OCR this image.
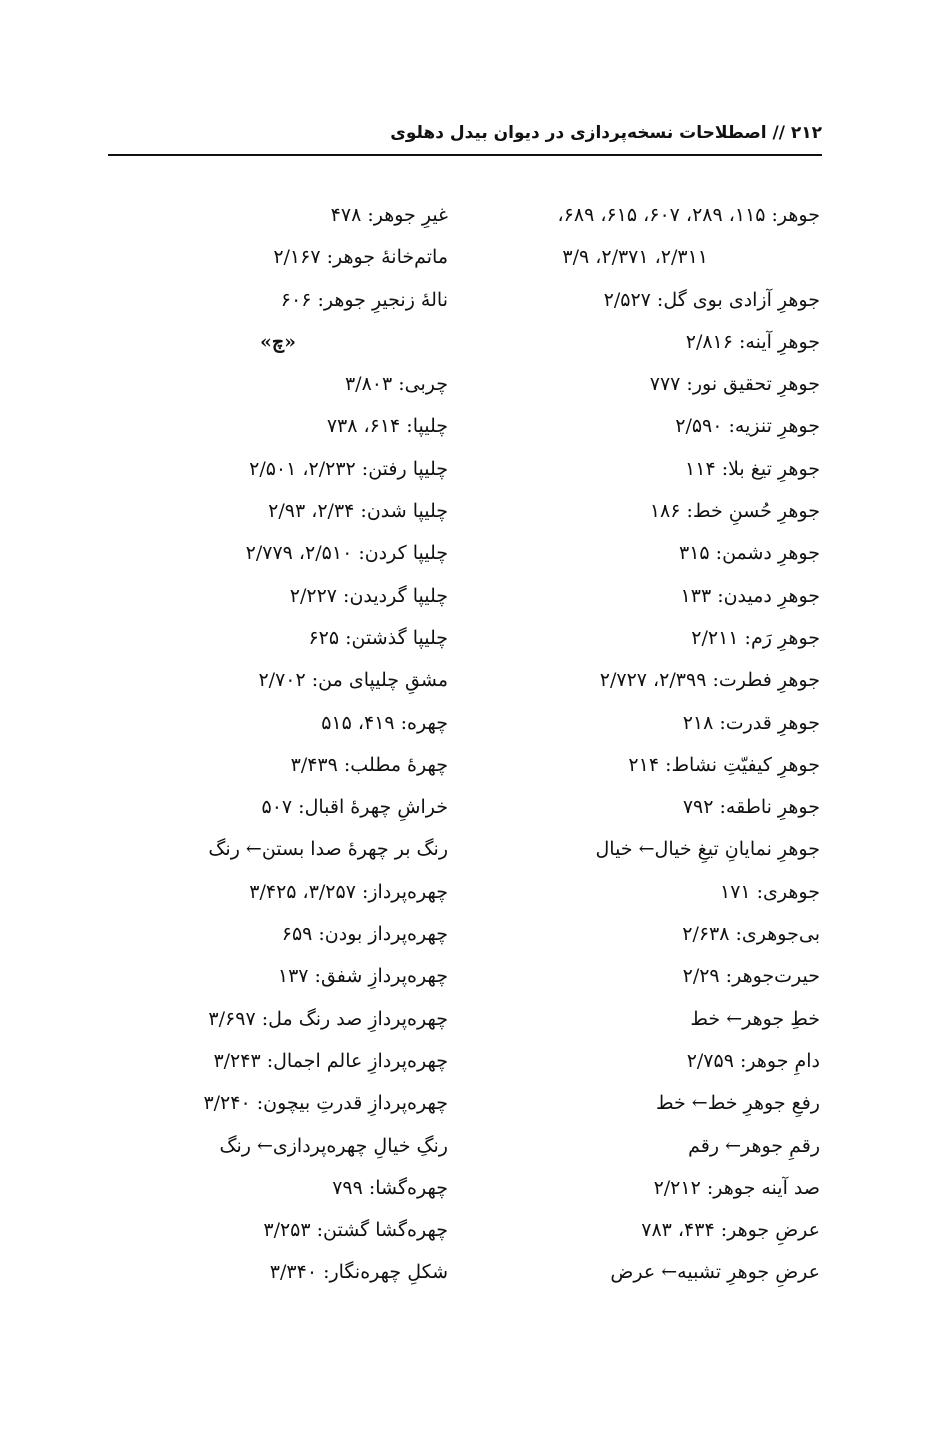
۲۱۲ // اصطلاحات نسخه‌پردازی در دیوان بیدل دهلوی
جوهر: ۱۱۵، ۲۸۹، ۶۰۷، ۶۱۵، ۶۸۹،
۲/۳۱۱، ۲/۳۷۱، ۳/۹
جوهرِ آزادی بوی گل: ۲/۵۲۷
جوهرِ آینه: ۲/۸۱۶
جوهرِ تحقیق نور: ۷۷۷
جوهرِ تنزیه: ۲/۵۹۰
جوهرِ تیغ بلا: ۱۱۴
جوهرِ حُسنِ خط: ۱۸۶
جوهرِ دشمن: ۳۱۵
جوهرِ دمیدن: ۱۳۳
جوهرِ رَم: ۲/۲۱۱
جوهرِ فطرت: ۲/۳۹۹، ۲/۷۲۷
جوهرِ قدرت: ۲۱۸
جوهرِ کیفیّتِ نشاط: ۲۱۴
جوهرِ ناطقه: ۷۹۲
جوهرِ نمایانِ تیغِ خیال← خیال
جوهری: ۱۷۱
بی‌جوهری: ۲/۶۳۸
حیرت‌جوهر: ۲/۲۹
خطِ جوهر← خط
دامِ جوهر: ۲/۷۵۹
رفعِ جوهرِ خط← خط
رقمِ جوهر← رقم
صد آینه جوهر: ۲/۲۱۲
عرضِ جوهر: ۴۳۴، ۷۸۳
عرضِ جوهرِ تشبیه← عرض
غیرِ جوهر: ۴۷۸
ماتم‌خانهٔ جوهر: ۲/۱۶۷
نالهٔ زنجیرِ جوهر: ۶۰۶
«چ»
چربی: ۳/۸۰۳
چلیپا: ۶۱۴، ۷۳۸
چلیپا رفتن: ۲/۲۳۲، ۲/۵۰۱
چلیپا شدن: ۲/۳۴، ۲/۹۳
چلیپا کردن: ۲/۵۱۰، ۲/۷۷۹
چلیپا گردیدن: ۲/۲۲۷
چلیپا گذشتن: ۶۲۵
مشقِ چلیپای من: ۲/۷۰۲
چهره: ۴۱۹، ۵۱۵
چهرهٔ مطلب: ۳/۴۳۹
خراشِ چهرهٔ اقبال: ۵۰۷
رنگ بر چهرهٔ صدا بستن← رنگ
چهره‌پرداز: ۳/۲۵۷، ۳/۴۲۵
چهره‌پرداز بودن: ۶۵۹
چهره‌پردازِ شفق: ۱۳۷
چهره‌پردازِ صد رنگ مل: ۳/۶۹۷
چهره‌پردازِ عالم اجمال: ۳/۲۴۳
چهره‌پردازِ قدرتِ بیچون: ۳/۲۴۰
رنگِ خیالِ چهره‌پردازی← رنگ
چهره‌گشا: ۷۹۹
چهره‌گشا گشتن: ۳/۲۵۳
شکلِ چهره‌نگار: ۳/۳۴۰
